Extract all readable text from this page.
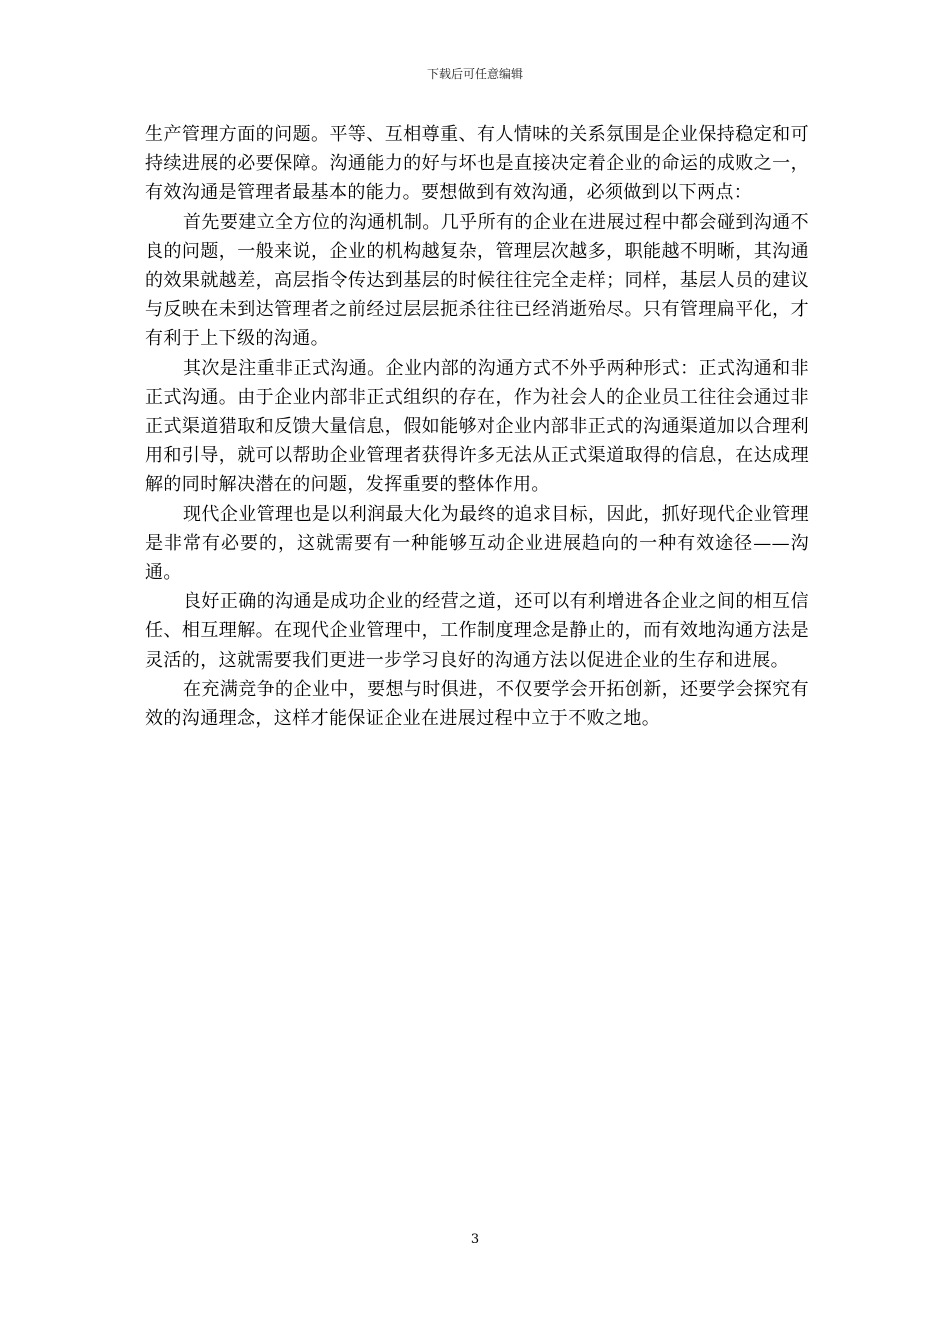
下载后可任意编辑

生产管理方面的问题。平等、互相尊重、有人情味的关系氛围是企业保持稳定和可持续进展的必要保障。沟通能力的好与坏也是直接决定着企业的命运的成败之一，有效沟通是管理者最基本的能力。要想做到有效沟通，必须做到以下两点：

首先要建立全方位的沟通机制。几乎所有的企业在进展过程中都会碰到沟通不良的问题，一般来说，企业的机构越复杂，管理层次越多，职能越不明晰，其沟通的效果就越差，高层指令传达到基层的时候往往完全走样；同样，基层人员的建议与反映在未到达管理者之前经过层层扼杀往往已经消逝殆尽。只有管理扁平化，才有利于上下级的沟通。

其次是注重非正式沟通。企业内部的沟通方式不外乎两种形式：正式沟通和非正式沟通。由于企业内部非正式组织的存在，作为社会人的企业员工往往会通过非正式渠道猎取和反馈大量信息，假如能够对企业内部非正式的沟通渠道加以合理利用和引导，就可以帮助企业管理者获得许多无法从正式渠道取得的信息，在达成理解的同时解决潜在的问题，发挥重要的整体作用。

现代企业管理也是以利润最大化为最终的追求目标，因此，抓好现代企业管理是非常有必要的，这就需要有一种能够互动企业进展趋向的一种有效途径——沟通。

良好正确的沟通是成功企业的经营之道，还可以有利增进各企业之间的相互信任、相互理解。在现代企业管理中，工作制度理念是静止的，而有效地沟通方法是灵活的，这就需要我们更进一步学习良好的沟通方法以促进企业的生存和进展。

在充满竞争的企业中，要想与时俱进，不仅要学会开拓创新，还要学会探究有效的沟通理念，这样才能保证企业在进展过程中立于不败之地。

3
